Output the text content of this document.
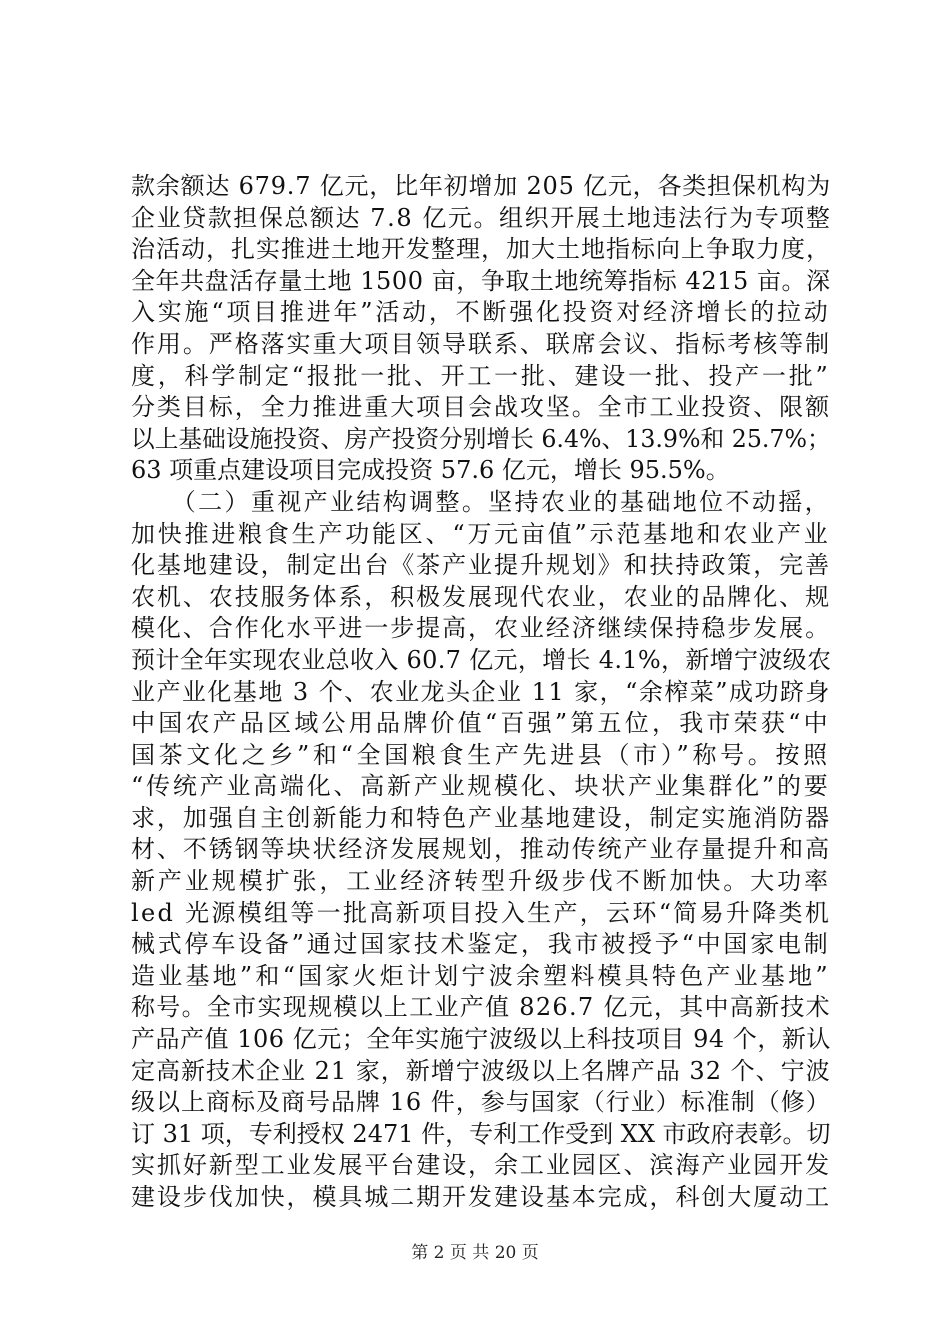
款余额达 679.7 亿元，比年初增加 205 亿元，各类担保机构为
企业贷款担保总额达 7.8 亿元。组织开展土地违法行为专项整
治活动，扎实推进土地开发整理，加大土地指标向上争取力度，
全年共盘活存量土地 1500 亩，争取土地统筹指标 4215 亩。深
入实施“项目推进年”活动，不断强化投资对经济增长的拉动
作用。严格落实重大项目领导联系、联席会议、指标考核等制
度，科学制定“报批一批、开工一批、建设一批、投产一批”
分类目标，全力推进重大项目会战攻坚。全市工业投资、限额
以上基础设施投资、房产投资分别增长 6.4%、13.9%和 25.7%；
63 项重点建设项目完成投资 57.6 亿元，增长 95.5%。
　　（二）重视产业结构调整。坚持农业的基础地位不动摇，
加快推进粮食生产功能区、“万元亩值”示范基地和农业产业
化基地建设，制定出台《茶产业提升规划》和扶持政策，完善
农机、农技服务体系，积极发展现代农业，农业的品牌化、规
模化、合作化水平进一步提高，农业经济继续保持稳步发展。
预计全年实现农业总收入 60.7 亿元，增长 4.1%，新增宁波级农
业产业化基地 3 个、农业龙头企业 11 家，“余榨菜”成功跻身
中国农产品区域公用品牌价值“百强”第五位，我市荣获“中
国茶文化之乡”和“全国粮食生产先进县（市）”称号。按照
“传统产业高端化、高新产业规模化、块状产业集群化”的要
求，加强自主创新能力和特色产业基地建设，制定实施消防器
材、不锈钢等块状经济发展规划，推动传统产业存量提升和高
新产业规模扩张，工业经济转型升级步伐不断加快。大功率
led 光源模组等一批高新项目投入生产，云环“简易升降类机
械式停车设备”通过国家技术鉴定，我市被授予“中国家电制
造业基地”和“国家火炬计划宁波余塑料模具特色产业基地”
称号。全市实现规模以上工业产值 826.7 亿元，其中高新技术
产品产值 106 亿元；全年实施宁波级以上科技项目 94 个，新认
定高新技术企业 21 家，新增宁波级以上名牌产品 32 个、宁波
级以上商标及商号品牌 16 件，参与国家（行业）标准制（修）
订 31 项，专利授权 2471 件，专利工作受到 XX 市政府表彰。切
实抓好新型工业发展平台建设，余工业园区、滨海产业园开发
建设步伐加快，模具城二期开发建设基本完成，科创大厦动工
第 2 页 共 20 页
